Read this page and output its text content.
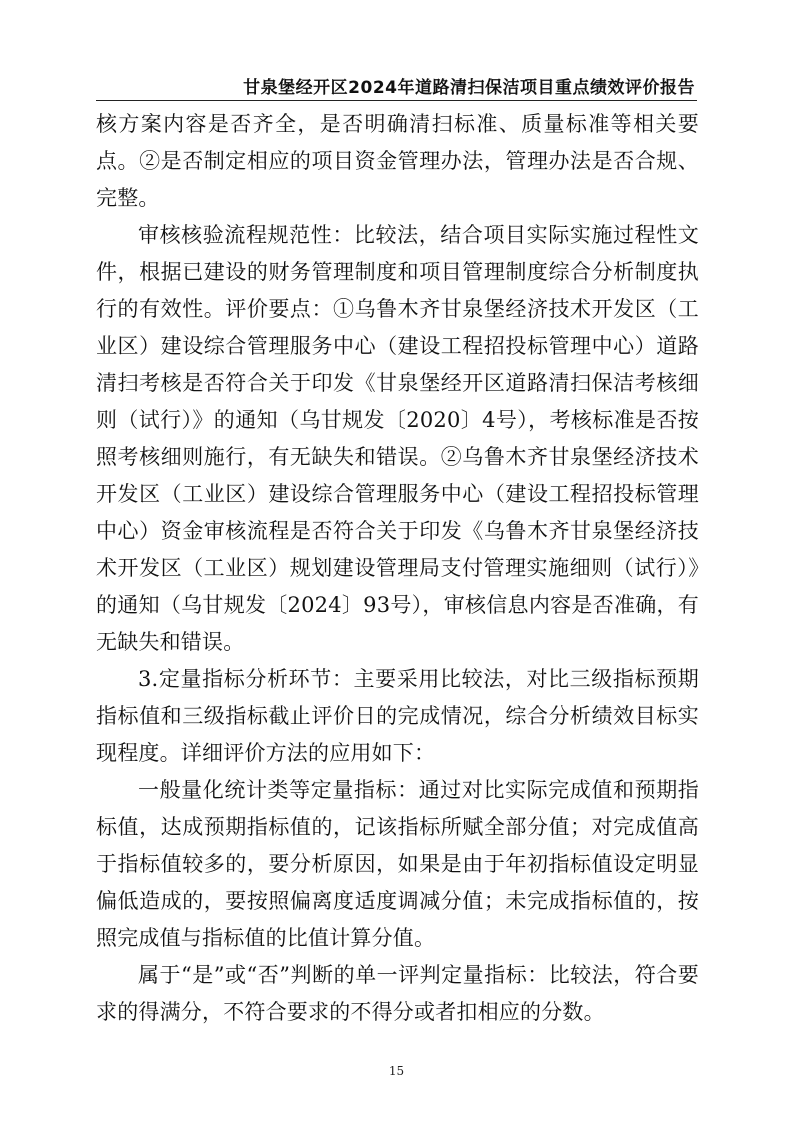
甘泉堡经开区2024年道路清扫保洁项目重点绩效评价报告

核方案内容是否齐全，是否明确清扫标准、质量标准等相关要点。②是否制定相应的项目资金管理办法，管理办法是否合规、完整。

审核核验流程规范性：比较法，结合项目实际实施过程性文件，根据已建设的财务管理制度和项目管理制度综合分析制度执行的有效性。评价要点：①乌鲁木齐甘泉堡经济技术开发区（工业区）建设综合管理服务中心（建设工程招投标管理中心）道路清扫考核是否符合关于印发《甘泉堡经开区道路清扫保洁考核细则（试行）》的通知（乌甘规发〔2020〕4号），考核标准是否按照考核细则施行，有无缺失和错误。②乌鲁木齐甘泉堡经济技术开发区（工业区）建设综合管理服务中心（建设工程招投标管理中心）资金审核流程是否符合关于印发《乌鲁木齐甘泉堡经济技术开发区（工业区）规划建设管理局支付管理实施细则（试行）》的通知（乌甘规发〔2024〕93号），审核信息内容是否准确，有无缺失和错误。

3.定量指标分析环节：主要采用比较法，对比三级指标预期指标值和三级指标截止评价日的完成情况，综合分析绩效目标实现程度。详细评价方法的应用如下：

一般量化统计类等定量指标：通过对比实际完成值和预期指标值，达成预期指标值的，记该指标所赋全部分值；对完成值高于指标值较多的，要分析原因，如果是由于年初指标值设定明显偏低造成的，要按照偏离度适度调减分值；未完成指标值的，按照完成值与指标值的比值计算分值。

属于“是”或“否”判断的单一评判定量指标：比较法，符合要求的得满分，不符合要求的不得分或者扣相应的分数。

15
